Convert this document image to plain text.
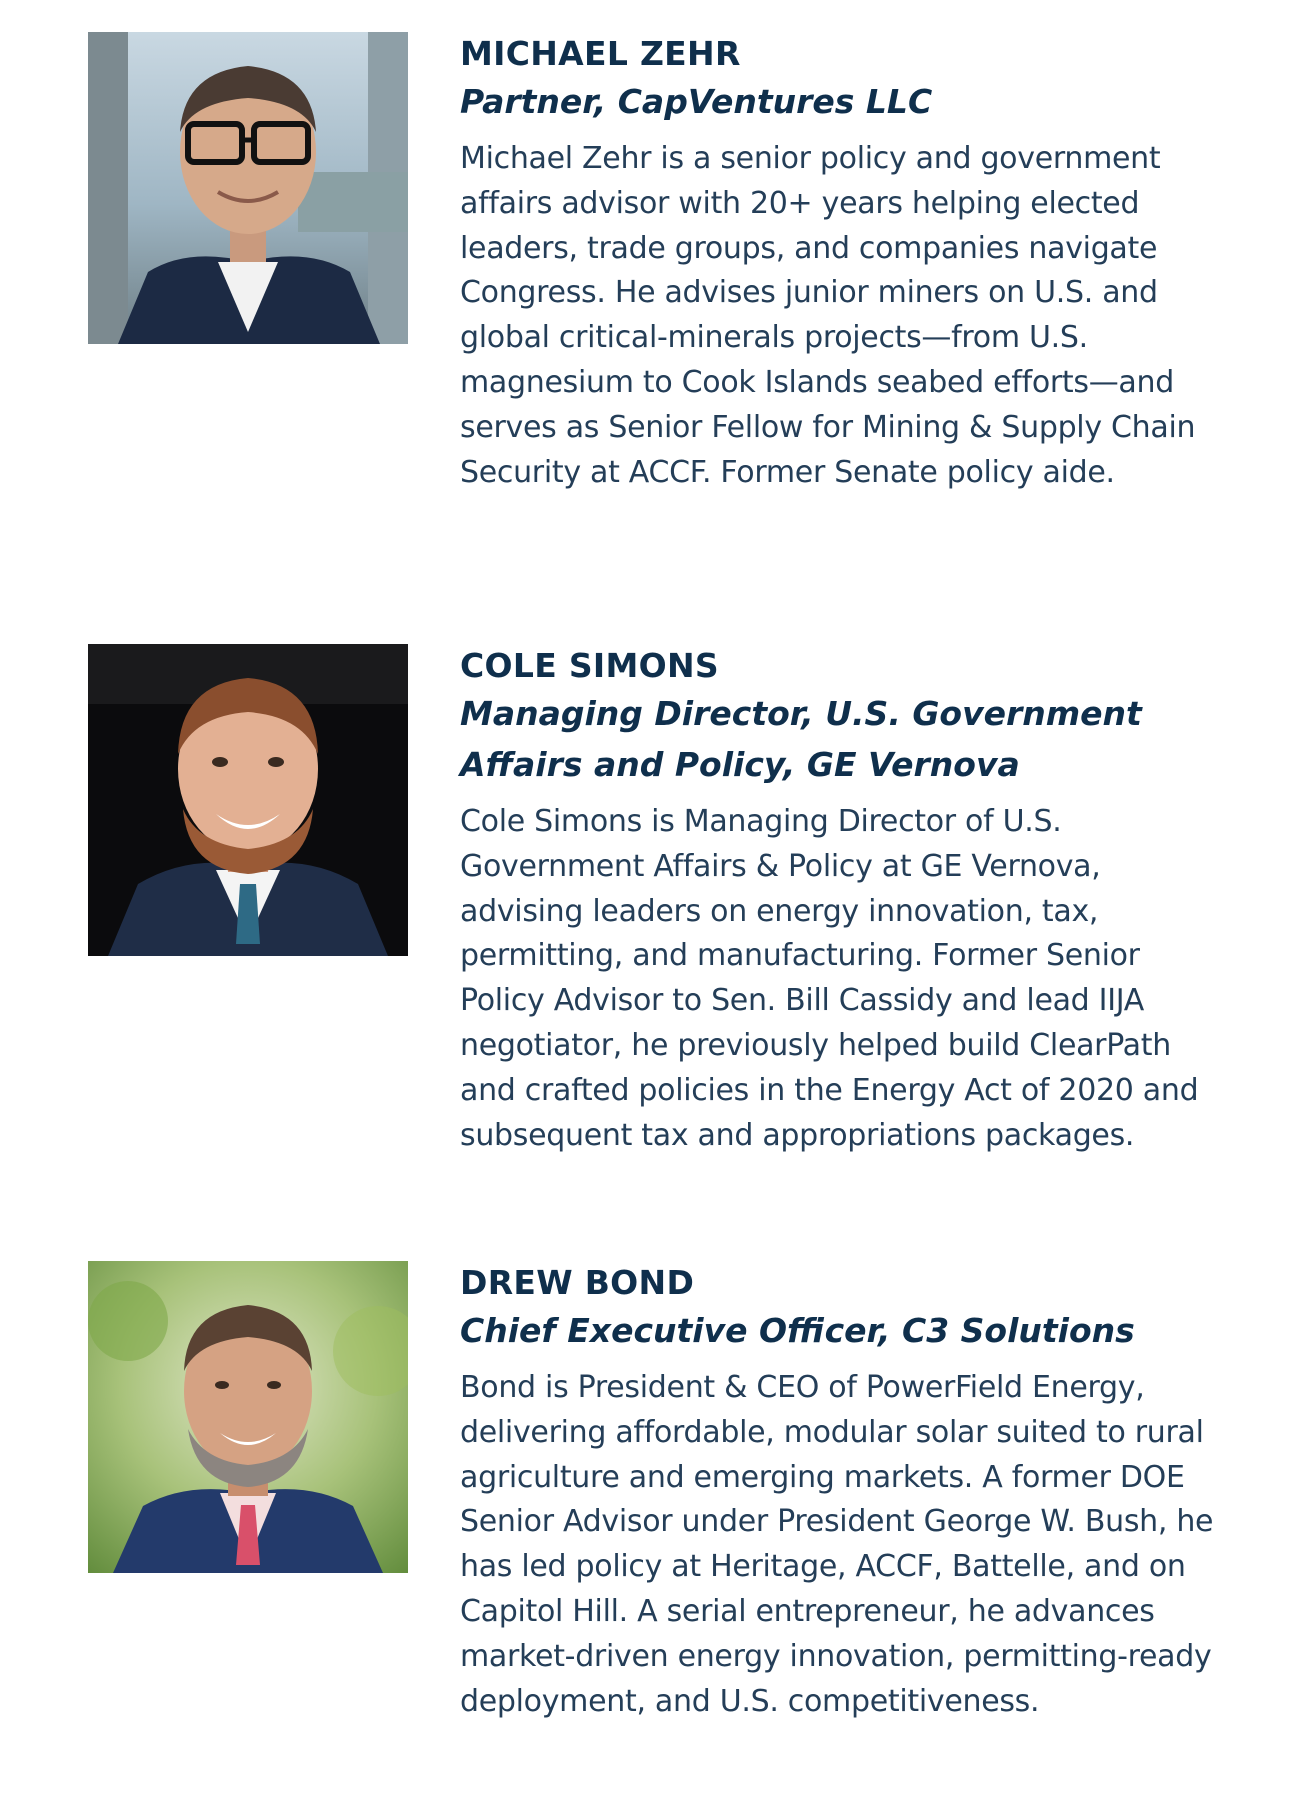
MICHAEL ZEHR
Partner, CapVentures LLC

Michael Zehr is a senior policy and government affairs advisor with 20+ years helping elected leaders, trade groups, and companies navigate Congress. He advises junior miners on U.S. and global critical-minerals projects—from U.S. magnesium to Cook Islands seabed efforts—and serves as Senior Fellow for Mining & Supply Chain Security at ACCF. Former Senate policy aide.

COLE SIMONS
Managing Director, U.S. Government Affairs and Policy, GE Vernova

Cole Simons is Managing Director of U.S. Government Affairs & Policy at GE Vernova, advising leaders on energy innovation, tax, permitting, and manufacturing. Former Senior Policy Advisor to Sen. Bill Cassidy and lead IIJA negotiator, he previously helped build ClearPath and crafted policies in the Energy Act of 2020 and subsequent tax and appropriations packages.

DREW BOND
Chief Executive Officer, C3 Solutions

Bond is President & CEO of PowerField Energy, delivering affordable, modular solar suited to rural agriculture and emerging markets. A former DOE Senior Advisor under President George W. Bush, he has led policy at Heritage, ACCF, Battelle, and on Capitol Hill. A serial entrepreneur, he advances market-driven energy innovation, permitting-ready deployment, and U.S. competitiveness.
